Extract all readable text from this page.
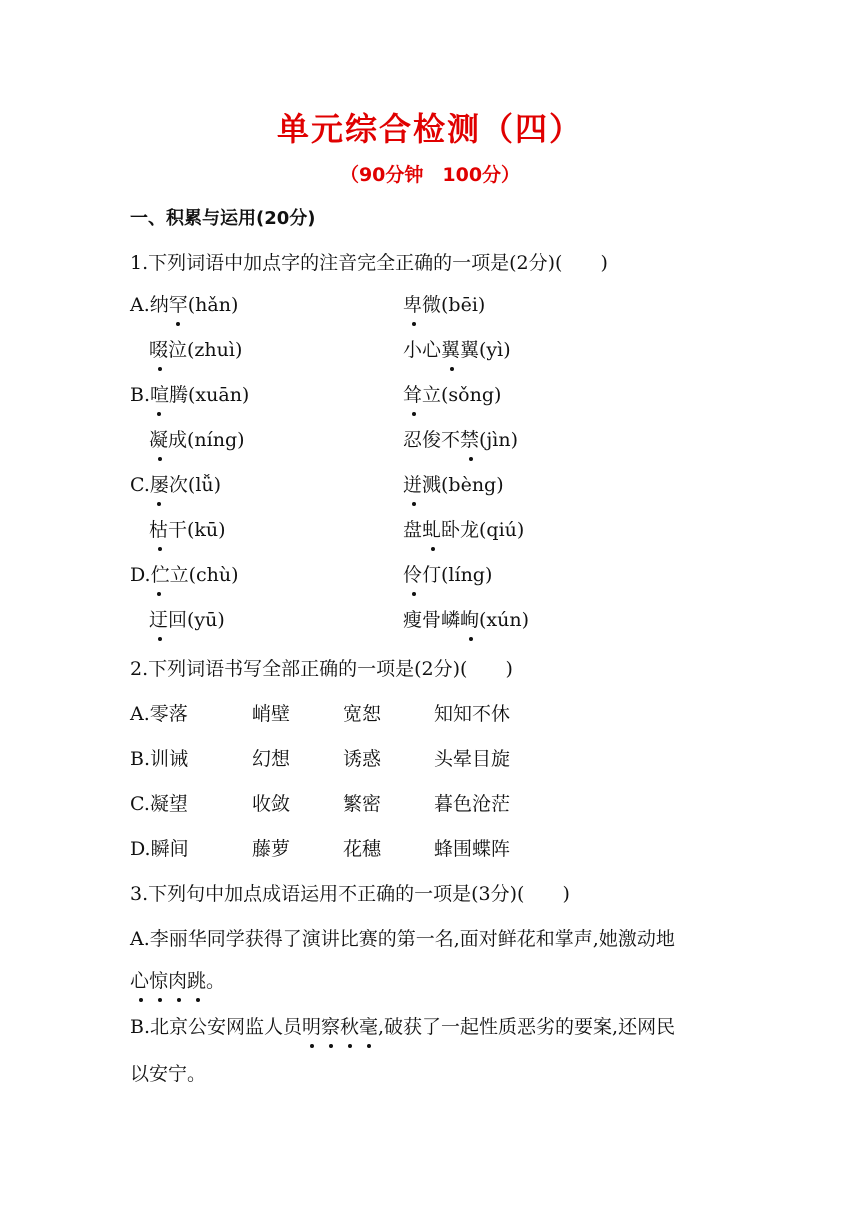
单元综合检测（四）
（90分钟　100分）
一、积累与运用(20分)
1.下列词语中加点字的注音完全正确的一项是(2分)(　　)
A.纳罕(hǎn)	卑微(bēi)
啜泣(zhuì)	小心翼翼(yì)
B.喧腾(xuān)	耸立(sǒng)
凝成(níng)	忍俊不禁(jìn)
C.屡次(lǚ)	迸溅(bèng)
枯干(kū)	盘虬卧龙(qiú)
D.伫立(chù)	伶仃(líng)
迂回(yū)	瘦骨嶙峋(xún)
2.下列词语书写全部正确的一项是(2分)(　　)
A.零落	峭壁	宽恕	知知不休
B.训诫	幻想	诱惑	头晕目旋
C.凝望	收敛	繁密	暮色沧茫
D.瞬间	藤萝	花穗	蜂围蝶阵
3.下列句中加点成语运用不正确的一项是(3分)(　　)
A.李丽华同学获得了演讲比赛的第一名,面对鲜花和掌声,她激动地
心惊肉跳。
B.北京公安网监人员明察秋毫,破获了一起性质恶劣的要案,还网民
以安宁。
